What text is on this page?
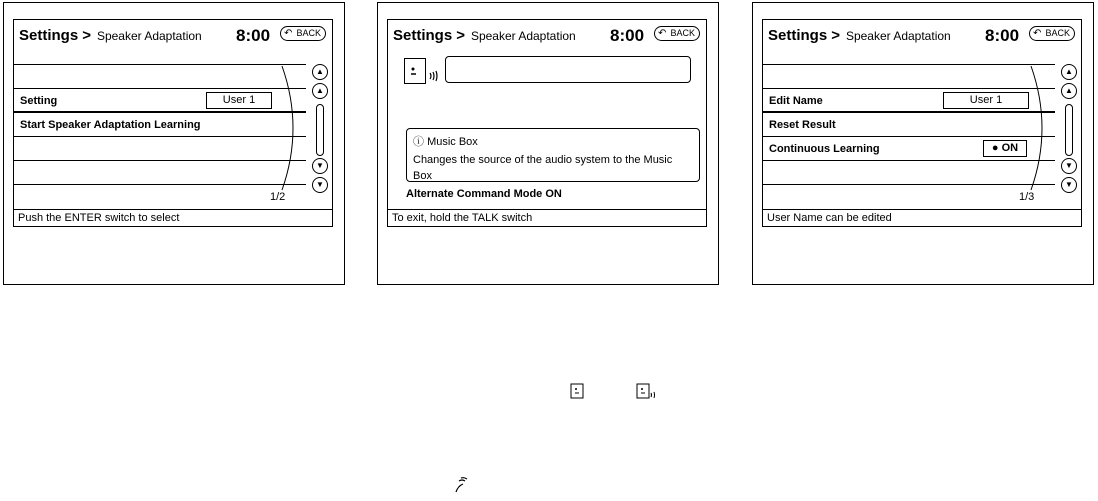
Settings > Speaker Adaptation 8:00 ↶ BACK
Setting	User 1
Start Speaker Adaptation Learning
1/2
▲
▲
▼
▼
Push the ENTER switch to select
Settings > Speaker Adaptation 8:00 ↶ BACK
ⓘ Music Box
Changes the source of the audio system to the Music Box
Alternate Command Mode ON
To exit, hold the TALK switch
Settings > Speaker Adaptation 8:00 ↶ BACK
Edit Name	User 1
Reset Result
Continuous Learning	● ON
1/3
▲
▲
▼
▼
User Name can be edited
